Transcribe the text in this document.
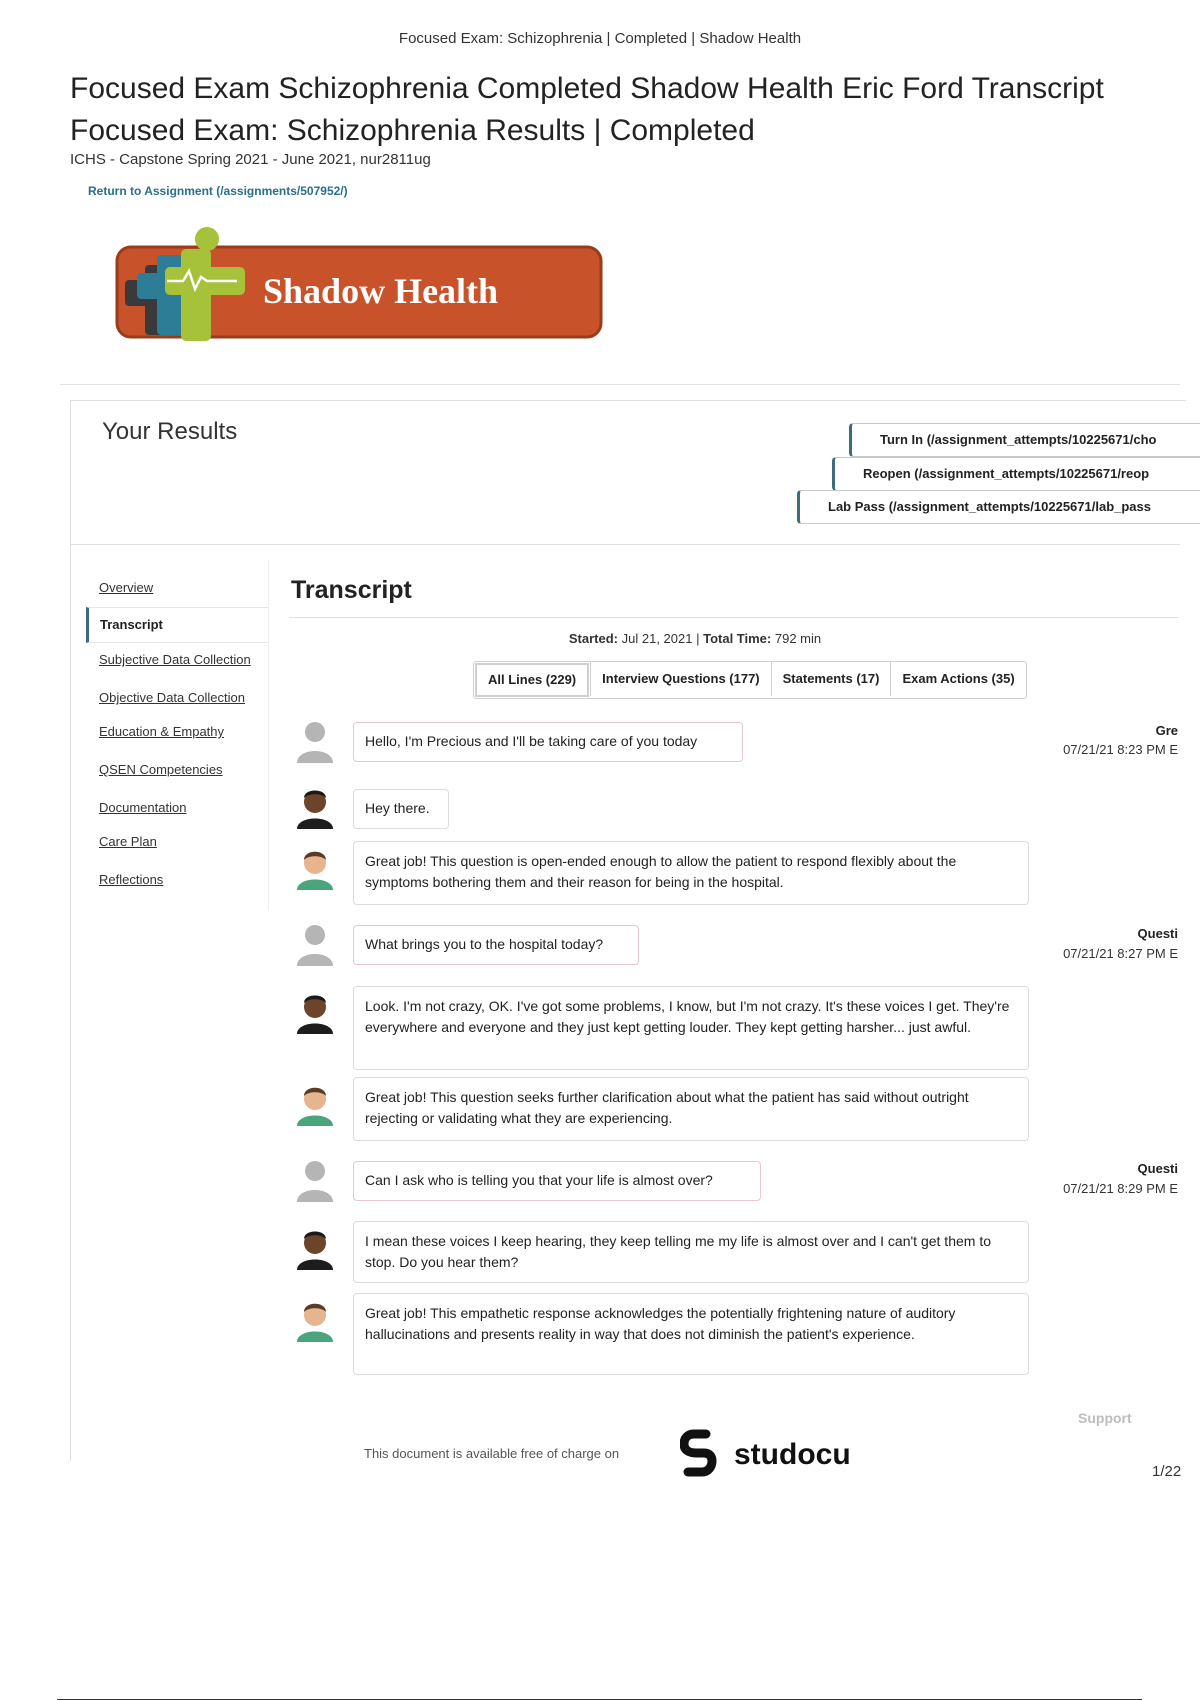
Focused Exam: Schizophrenia | Completed | Shadow Health
Focused Exam Schizophrenia Completed Shadow Health Eric Ford Transcript
Focused Exam: Schizophrenia Results | Completed
ICHS - Capstone Spring 2021 - June 2021, nur2811ug
Return to Assignment (/assignments/507952/)
Shadow Health
Your Results	Turn In (/assignment_attempts/10225671/cho
Reopen (/assignment_attempts/10225671/reop
Lab Pass (/assignment_attempts/10225671/lab_pass
Overview
Transcript
Subjective Data Collection
Objective Data Collection
Education & Empathy
QSEN Competencies
Documentation
Care Plan
Reflections
Transcript
Started: Jul 21, 2021 | Total Time: 792 min
All Lines (229)	Interview Questions (177)	Statements (17)	Exam Actions (35)
Hello, I'm Precious and I'll be taking care of you today
Gre
07/21/21 8:23 PM E
Hey there.
Great job! This question is open-ended enough to allow the patient to respond flexibly about the symptoms bothering them and their reason for being in the hospital.
What brings you to the hospital today?
Questi
07/21/21 8:27 PM E
Look. I'm not crazy, OK. I've got some problems, I know, but I'm not crazy. It's these voices I get. They're everywhere and everyone and they just kept getting louder. They kept getting harsher... just awful.
Great job! This question seeks further clarification about what the patient has said without outright rejecting or validating what they are experiencing.
Can I ask who is telling you that your life is almost over?
Questi
07/21/21 8:29 PM E
I mean these voices I keep hearing, they keep telling me my life is almost over and I can't get them to stop. Do you hear them?
Great job! This empathetic response acknowledges the potentially frightening nature of auditory hallucinations and presents reality in way that does not diminish the patient's experience.
Support
This document is available free of charge on	studocu
1/22
